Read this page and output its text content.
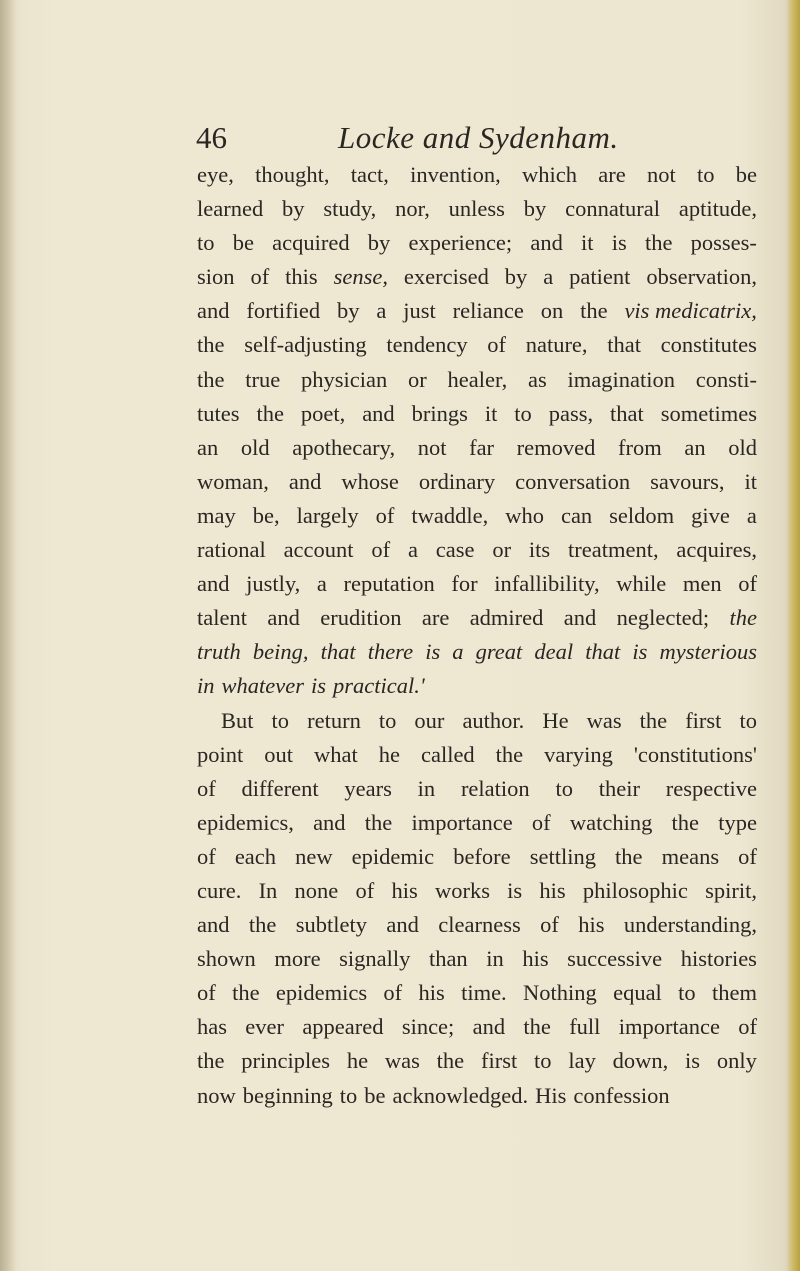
46	Locke and Sydenham.
eye, thought, tact, invention, which are not to be
learned by study, nor, unless by connatural aptitude,
to be acquired by experience; and it is the posses-
sion of this sense, exercised by a patient observation,
and fortified by a just reliance on the vis medicatrix,
the self-adjusting tendency of nature, that constitutes
the true physician or healer, as imagination consti-
tutes the poet, and brings it to pass, that sometimes
an old apothecary, not far removed from an old
woman, and whose ordinary conversation savours, it
may be, largely of twaddle, who can seldom give a
rational account of a case or its treatment, acquires,
and justly, a reputation for infallibility, while men of
talent and erudition are admired and neglected; the
truth being, that there is a great deal that is mysterious
in whatever is practical.'
But to return to our author. He was the first to
point out what he called the varying 'constitutions'
of different years in relation to their respective
epidemics, and the importance of watching the type
of each new epidemic before settling the means of
cure. In none of his works is his philosophic spirit,
and the subtlety and clearness of his understanding,
shown more signally than in his successive histories
of the epidemics of his time. Nothing equal to them
has ever appeared since; and the full importance of
the principles he was the first to lay down, is only
now beginning to be acknowledged. His confession
